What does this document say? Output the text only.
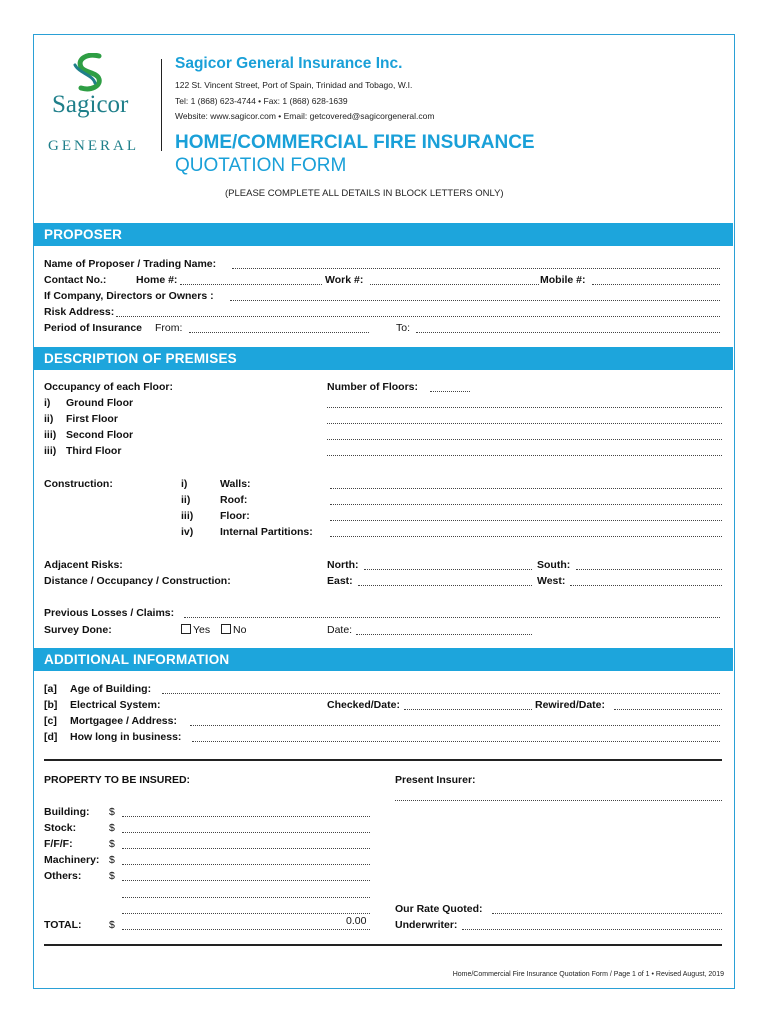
Sagicor
GENERAL
Sagicor General Insurance Inc.
122 St. Vincent Street, Port of Spain, Trinidad and Tobago, W.I.
Tel: 1 (868) 623-4744 • Fax: 1 (868) 628-1639
Website: www.sagicor.com • Email: getcovered@sagicorgeneral.com
HOME/COMMERCIAL FIRE INSURANCE
QUOTATION FORM
(PLEASE COMPLETE ALL DETAILS IN BLOCK LETTERS ONLY)
PROPOSER
Name of Proposer / Trading Name:
Contact No.:	Home #:	Work #:	Mobile #:
If Company, Directors or Owners :
Risk Address:
Period of Insurance From:	To:
DESCRIPTION OF PREMISES
Occupancy of each Floor:	Number of Floors:
i) Ground Floor
ii) First Floor
iii) Second Floor
iii) Third Floor
Construction:	i)	Walls:
ii)	Roof:
iii)	Floor:
iv)	Internal Partitions:
Adjacent Risks:	North:	South:
Distance / Occupancy / Construction:	East:	West:
Previous Losses / Claims:
Survey Done:	Yes	No	Date:
ADDITIONAL INFORMATION
[a] Age of Building:
[b] Electrical System:	Checked/Date:	Rewired/Date:
[c] Mortgagee / Address:
[d] How long in business:
PROPERTY TO BE INSURED:	Present Insurer:
Building: $
Stock:	$
F/F/F:	$
Machinery: $
Others:	$
Our Rate Quoted:
TOTAL:	$	0.00	Underwriter:
Home/Commercial Fire Insurance Quotation Form / Page 1 of 1 • Revised August, 2019
